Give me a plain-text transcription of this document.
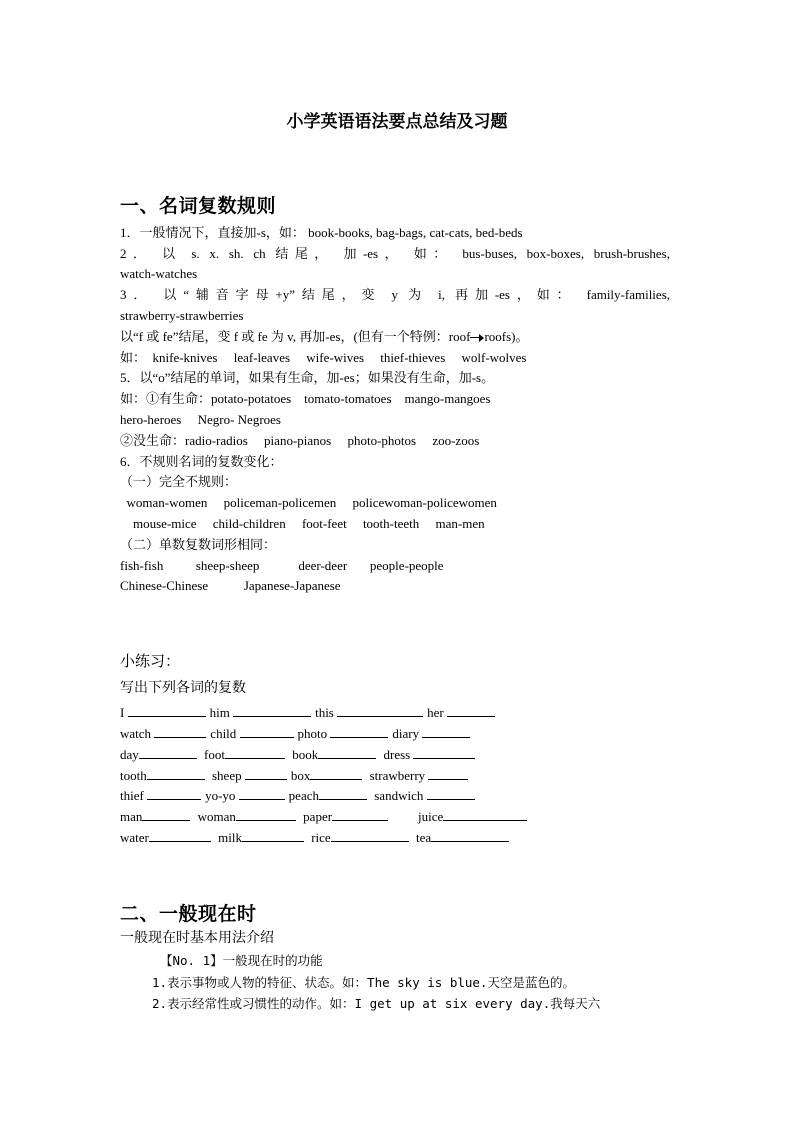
小学英语语法要点总结及习题
一、名词复数规则
1．一般情况下，直接加-s，如： book-books, bag-bags, cat-cats, bed-beds
2． 以 s. x. sh. ch 结尾， 加-es， 如： bus-buses, box-boxes, brush-brushes,
watch-watches
3． 以“辅音字母+y”结尾，变 y 为 i, 再加-es，如： family-families,
strawberry-strawberries
以“f 或 fe”结尾，变 f 或 fe 为 v, 再加-es，(但有一个特例：roof roofs)。
如：  knife-knives     leaf-leaves     wife-wives     thief-thieves     wolf-wolves
5．以“o”结尾的单词，如果有生命，加-es；如果没有生命，加-s。
如：①有生命：potato-potatoes    tomato-tomatoes    mango-mangoes
hero-heroes     Negro- Negroes
②没生命：radio-radios     piano-pianos     photo-photos     zoo-zoos
6．不规则名词的复数变化：
（一）完全不规则：
woman-women     policeman-policemen     policewoman-policewomen
mouse-mice     child-children     foot-feet     tooth-teeth     man-men
（二）单数复数词形相同：
fish-fish          sheep-sheep            deer-deer       people-people
Chinese-Chinese           Japanese-Japanese
小练习：
写出下列各词的复数
I	him	this	her
watch	child	photo	diary
day	foot	book	dress
tooth	sheep	box	strawberry
thief	yo-yo	peach	sandwich
man	woman	paper	juice
water	milk	rice	tea
二、一般现在时
一般现在时基本用法介绍
【No. 1】一般现在时的功能
1.表示事物或人物的特征、状态。如：The sky is blue.天空是蓝色的。
2.表示经常性或习惯性的动作。如：I get up at six every day.我每天六
